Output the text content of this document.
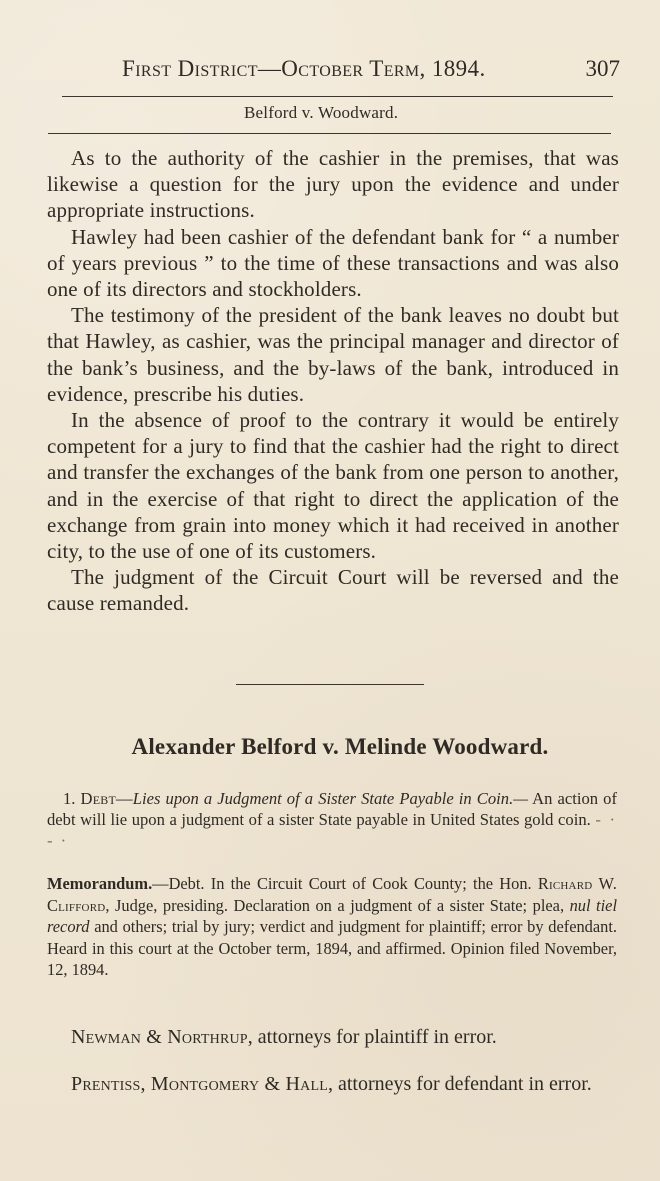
First District—October Term, 1894.	307
Belford v. Woodward.

As to the authority of the cashier in the premises, that was likewise a question for the jury upon the evidence and under appropriate instructions.

Hawley had been cashier of the defendant bank for “ a number of years previous ” to the time of these transactions and was also one of its directors and stockholders.

The testimony of the president of the bank leaves no doubt but that Hawley, as cashier, was the principal manager and director of the bank’s business, and the by-laws of the bank, introduced in evidence, prescribe his duties.

In the absence of proof to the contrary it would be entirely competent for a jury to find that the cashier had the right to direct and transfer the exchanges of the bank from one person to another, and in the exercise of that right to direct the application of the exchange from grain into money which it had received in another city, to the use of one of its customers.

The judgment of the Circuit Court will be reversed and the cause remanded.

Alexander Belford v. Melinde Woodward.

1. Debt—Lies upon a Judgment of a Sister State Payable in Coin.— An action of debt will lie upon a judgment of a sister State payable in United States gold coin. - · - ·

Memorandum.—Debt. In the Circuit Court of Cook County; the Hon. Richard W. Clifford, Judge, presiding. Declaration on a judgment of a sister State; plea, nul tiel record and others; trial by jury; verdict and judgment for plaintiff; error by defendant. Heard in this court at the October term, 1894, and affirmed. Opinion filed November, 12, 1894.

Newman & Northrup, attorneys for plaintiff in error.
Prentiss, Montgomery & Hall, attorneys for defendant in error.
